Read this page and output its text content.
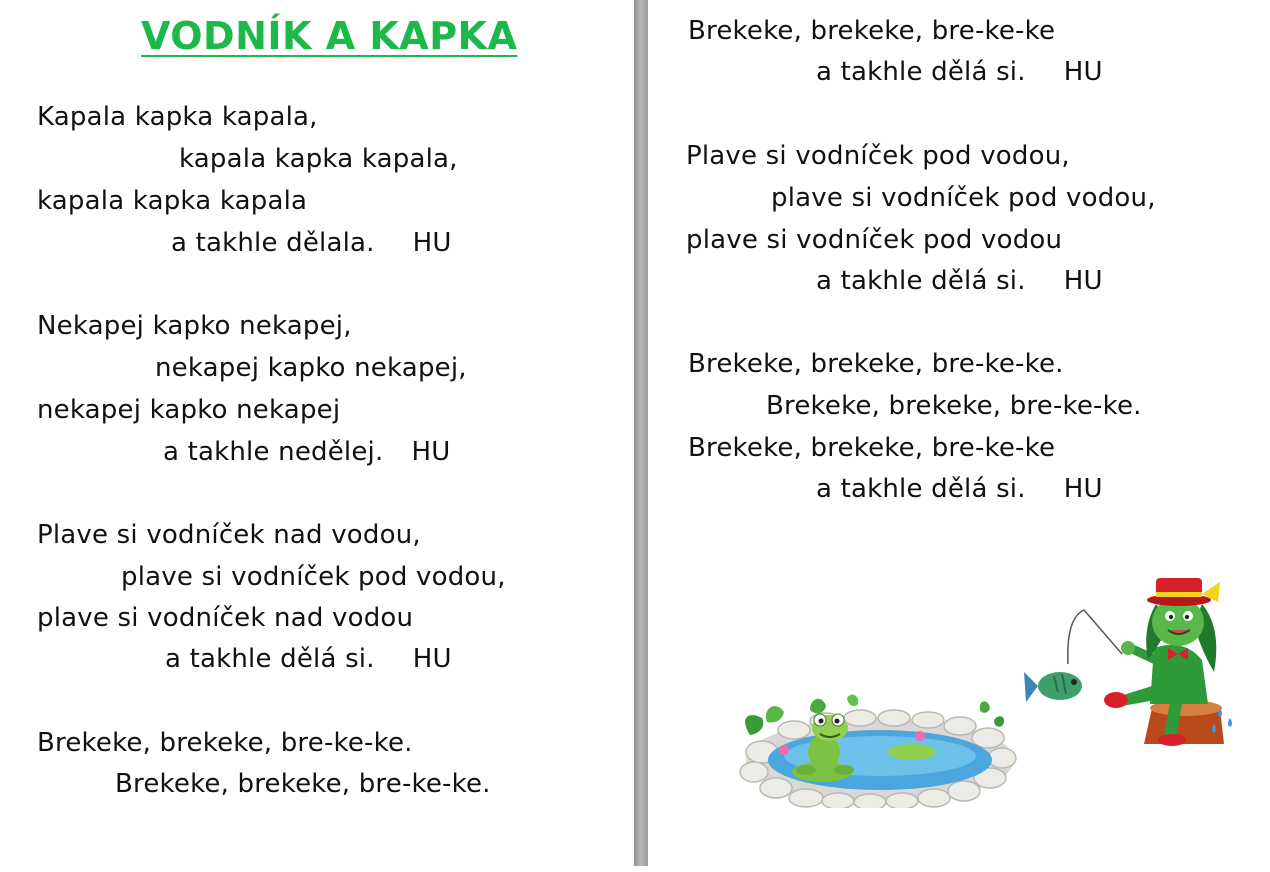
VODNÍK A KAPKA
Kapala kapka kapala,
kapala kapka kapala,
kapala kapka kapala
a takhle dělala. HU
Nekapej kapko nekapej,
nekapej kapko nekapej,
nekapej kapko nekapej
a takhle nedělej. HU
Plave si vodníček nad vodou,
plave si vodníček pod vodou,
plave si vodníček nad vodou
a takhle dělá si. HU
Brekeke, brekeke, bre-ke-ke.
Brekeke, brekeke, bre-ke-ke.
Brekeke, brekeke, bre-ke-ke
a takhle dělá si. HU
Plave si vodníček pod vodou,
plave si vodníček pod vodou,
plave si vodníček pod vodou
a takhle dělá si. HU
Brekeke, brekeke, bre-ke-ke.
Brekeke, brekeke, bre-ke-ke.
Brekeke, brekeke, bre-ke-ke
a takhle dělá si. HU
